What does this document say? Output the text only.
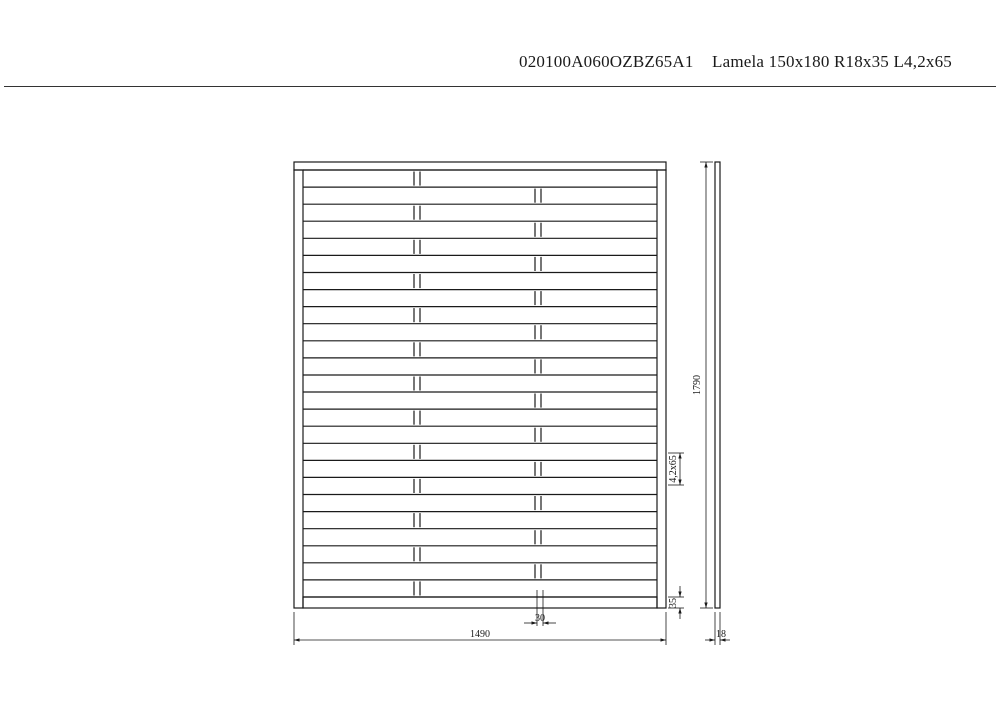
020100A060OZBZ65A1 Lamela 150x180 R18x35 L4,2x65
1490
1790
18
30
35
4,2x65
